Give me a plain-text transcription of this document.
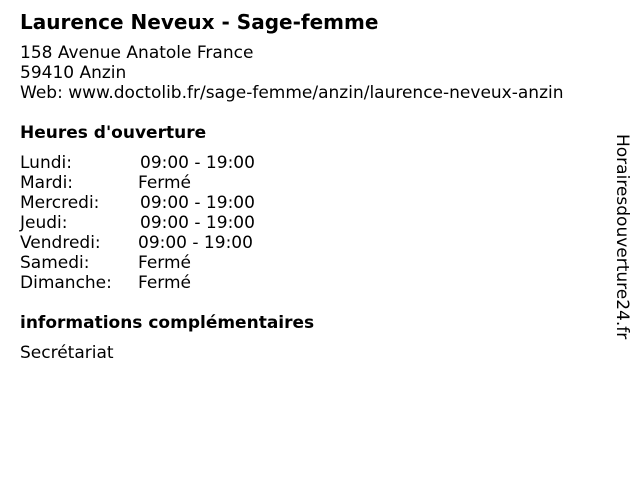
Laurence Neveux - Sage-femme
158 Avenue Anatole France
59410 Anzin
Web: www.doctolib.fr/sage-femme/anzin/laurence-neveux-anzin
Heures d'ouverture
Lundi:	09:00 - 19:00
Mardi:	Fermé
Mercredi: 09:00 - 19:00
Jeudi:	09:00 - 19:00
Vendredi: 09:00 - 19:00
Samedi:	Fermé
Dimanche: Fermé
informations complémentaires
Secrétariat
Horairesdouverture24.fr
